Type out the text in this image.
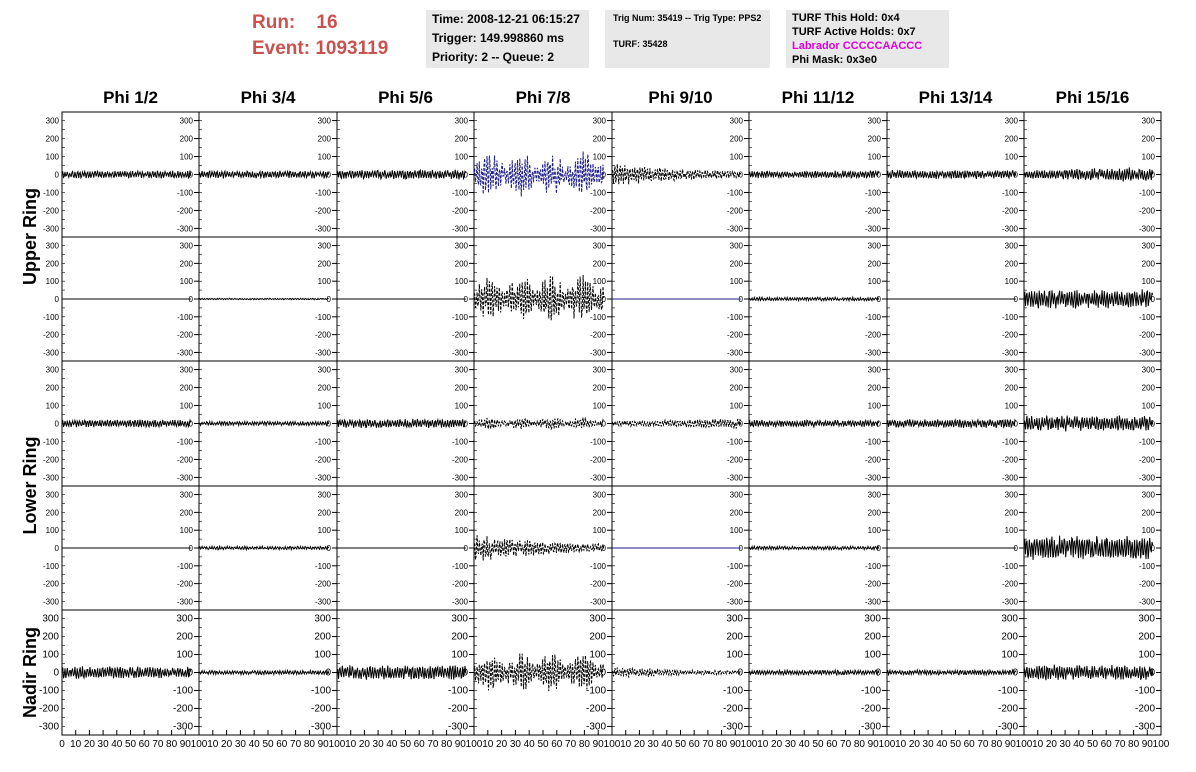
Run: 16
Event: 1093119
Time: 2008-12-21 06:15:27
Trigger: 149.998860 ms
Priority: 2 -- Queue: 2
Trig Num: 35419 -- Trig Type: PPS2
TURF: 35428
TURF This Hold: 0x4
TURF Active Holds: 0x7
Labrador CCCCCAACCC
Phi Mask: 0x3e0
Phi 1/2	Phi 3/4	Phi 5/6	Phi 7/8	Phi 9/10	Phi 11/12	Phi 13/14	Phi 15/16
Upper Ring
Lower Ring
Nadir Ring
300	300
200	200
100	100
0	0
-100	-100
-200	-200
-300	-300
300
200
100
0
-100
-200
-300
300
200
100
0
-100
-200
-300
300
200
100
0
-100
-200
-300
300
200
100
0
-100
-200
-300
300
200
100
0
-100
-200
-300
300
200
100
0
-100
-200
-300
300
200
100
0
-100
-200
-300
300	300
200	200
100	100
0	0
-100	-100
-200	-200
-300	-300
300
200
100
0
-100
-200
-300
300
200
100
0
-100
-200
-300
300
200
100
0
-100
-200
-300
300
200
100
0
-100
-200
-300
300
200
100
0
-100
-200
-300
300
200
100
0
-100
-200
-300
300
200
100
0
-100
-200
-300
300	300
200	200
100	100
0	0
-100	-100
-200	-200
-300	-300
300
200
100
0
-100
-200
-300
300
200
100
0
-100
-200
-300
300
200
100
0
-100
-200
-300
300
200
100
0
-100
-200
-300
300
200
100
0
-100
-200
-300
300
200
100
0
-100
-200
-300
300
200
100
0
-100
-200
-300
300	300
200	200
100	100
0	0
-100	-100
-200	-200
-300	-300
300
200
100
0
-100
-200
-300
300
200
100
0
-100
-200
-300
300
200
100
0
-100
-200
-300
300
200
100
0
-100
-200
-300
300
200
100
0
-100
-200
-300
300
200
100
0
-100
-200
-300
300
200
100
0
-100
-200
-300
300	300
200	200
100	100
0	0
-100	-100
-200	-200
-300	-300
0 10 20 30 40 50 60 70 80 90 100
300
200
100
0
-100
-200
-300
10 20 30 40 50 60 70 80 90 100
300
200
100
0
-100
-200
-300
10 20 30 40 50 60 70 80 90 100
300
200
100
0
-100
-200
-300
10 20 30 40 50 60 70 80 90 100
300
200
100
0
-100
-200
-300
10 20 30 40 50 60 70 80 90 100
300
200
100
0
-100
-200
-300
10 20 30 40 50 60 70 80 90 100
300
200
100
0
-100
-200
-300
10 20 30 40 50 60 70 80 90 100
300
200
100
0
-100
-200
-300
10 20 30 40 50 60 70 80 90 100
